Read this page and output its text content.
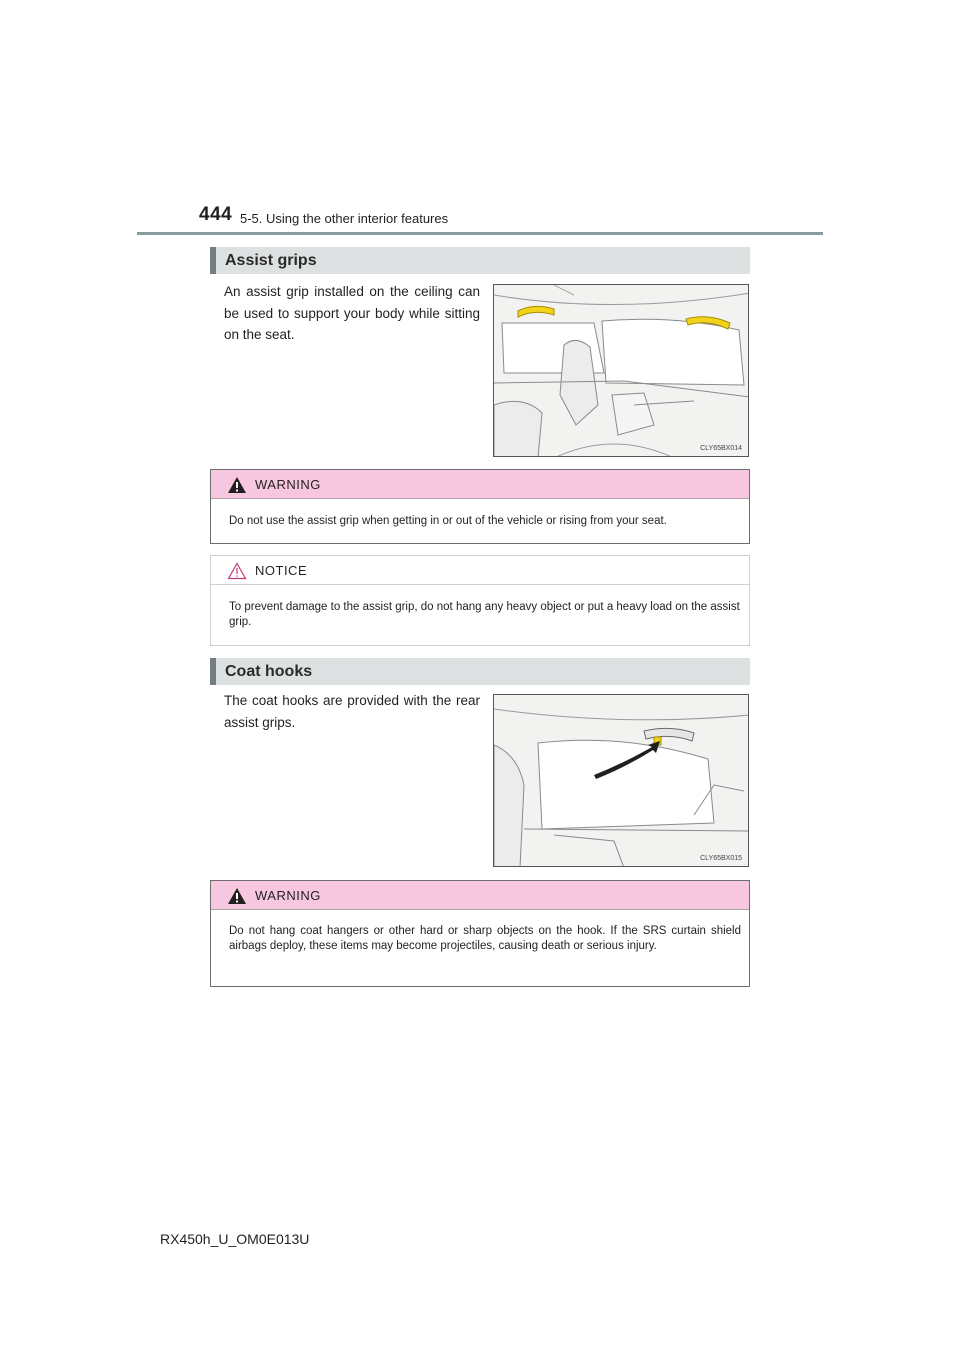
444 5-5. Using the other interior features
Assist grips
An assist grip installed on the ceiling can be used to support your body while sitting on the seat.
CLY65BX014
WARNING
Do not use the assist grip when getting in or out of the vehicle or rising from your seat.
NOTICE
To prevent damage to the assist grip, do not hang any heavy object or put a heavy load on the assist grip.
Coat hooks
The coat hooks are provided with the rear assist grips.
CLY65BX015
WARNING
Do not hang coat hangers or other hard or sharp objects on the hook. If the SRS curtain shield airbags deploy, these items may become projectiles, causing death or serious injury.
RX450h_U_OM0E013U
